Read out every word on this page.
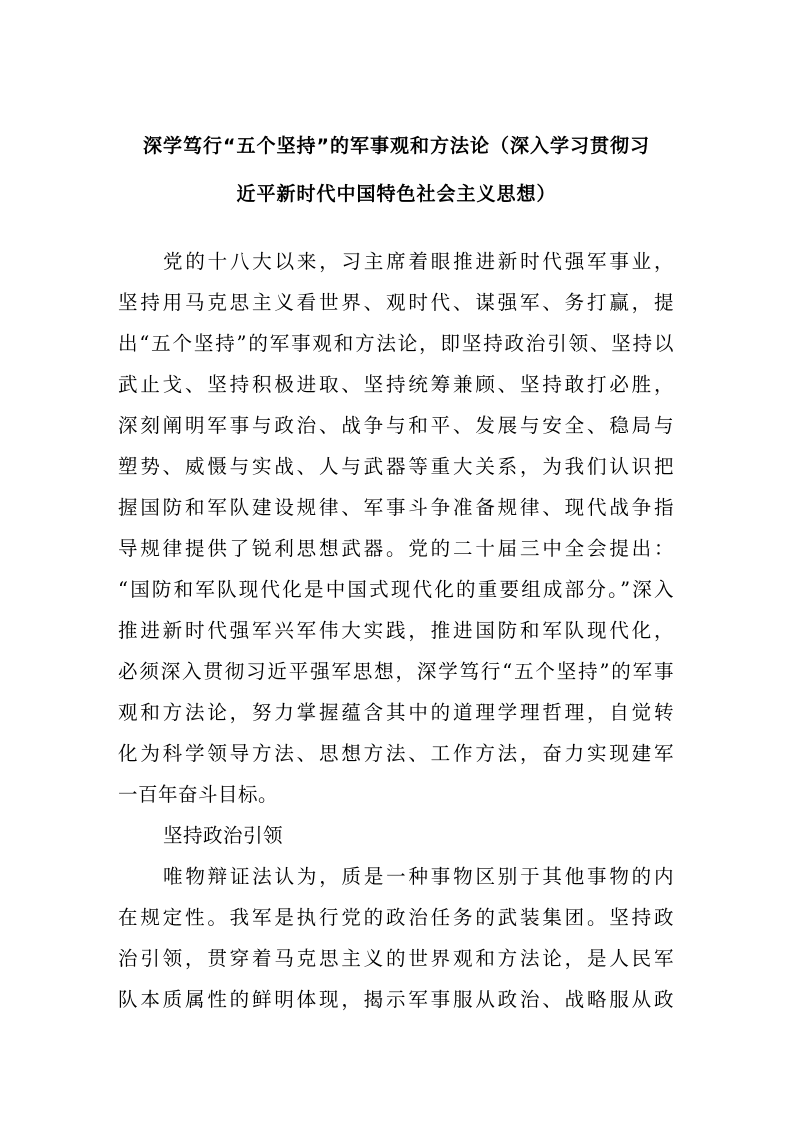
深学笃行“五个坚持”的军事观和方法论（深入学习贯彻习
近平新时代中国特色社会主义思想）
党的十八大以来，习主席着眼推进新时代强军事业，
坚持用马克思主义看世界、观时代、谋强军、务打赢，提
出“五个坚持”的军事观和方法论，即坚持政治引领、坚持以
武止戈、坚持积极进取、坚持统筹兼顾、坚持敢打必胜，
深刻阐明军事与政治、战争与和平、发展与安全、稳局与
塑势、威慑与实战、人与武器等重大关系，为我们认识把
握国防和军队建设规律、军事斗争准备规律、现代战争指
导规律提供了锐利思想武器。党的二十届三中全会提出：
“国防和军队现代化是中国式现代化的重要组成部分。”深入
推进新时代强军兴军伟大实践，推进国防和军队现代化，
必须深入贯彻习近平强军思想，深学笃行“五个坚持”的军事
观和方法论，努力掌握蕴含其中的道理学理哲理，自觉转
化为科学领导方法、思想方法、工作方法，奋力实现建军
一百年奋斗目标。
坚持政治引领
唯物辩证法认为，质是一种事物区别于其他事物的内
在规定性。我军是执行党的政治任务的武装集团。坚持政
治引领，贯穿着马克思主义的世界观和方法论，是人民军
队本质属性的鲜明体现，揭示军事服从政治、战略服从政
